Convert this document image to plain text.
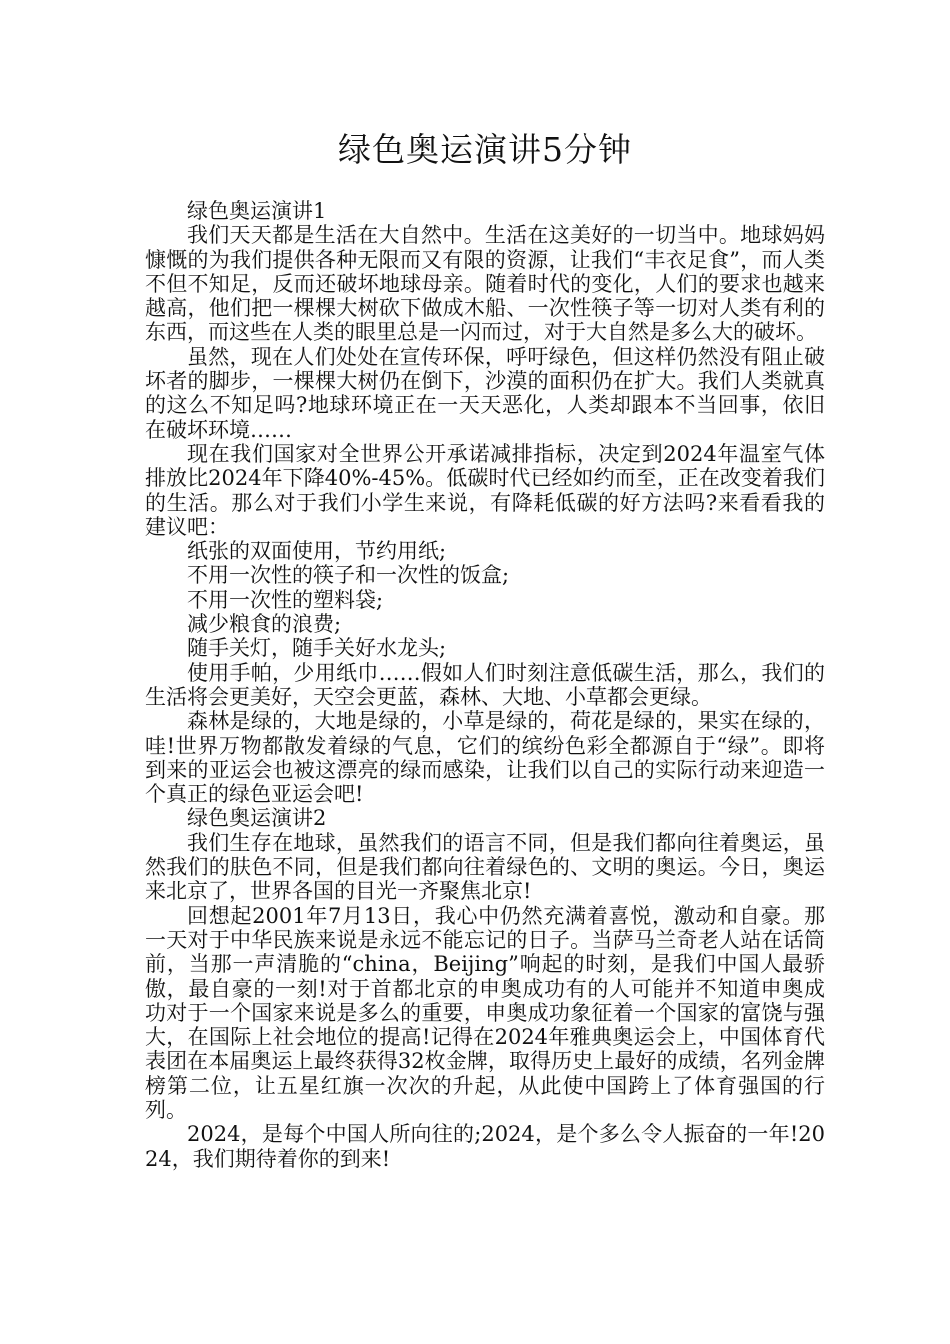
绿色奥运演讲5分钟

绿色奥运演讲1

我们天天都是生活在大自然中。生活在这美好的一切当中。地球妈妈慷慨的为我们提供各种无限而又有限的资源，让我们“丰衣足食”，而人类不但不知足，反而还破坏地球母亲。随着时代的变化，人们的要求也越来越高，他们把一棵棵大树砍下做成木船、一次性筷子等一切对人类有利的东西，而这些在人类的眼里总是一闪而过，对于大自然是多么大的破坏。

虽然，现在人们处处在宣传环保，呼吁绿色，但这样仍然没有阻止破坏者的脚步，一棵棵大树仍在倒下，沙漠的面积仍在扩大。我们人类就真的这么不知足吗?地球环境正在一天天恶化，人类却跟本不当回事，依旧在破坏环境……

现在我们国家对全世界公开承诺减排指标，决定到2024年温室气体排放比2024年下降40%-45%。低碳时代已经如约而至，正在改变着我们的生活。那么对于我们小学生来说，有降耗低碳的好方法吗?来看看我的建议吧：

纸张的双面使用，节约用纸;

不用一次性的筷子和一次性的饭盒;

不用一次性的塑料袋;

减少粮食的浪费;

随手关灯，随手关好水龙头;

使用手帕，少用纸巾……假如人们时刻注意低碳生活，那么，我们的生活将会更美好，天空会更蓝，森林、大地、小草都会更绿。

森林是绿的，大地是绿的，小草是绿的，荷花是绿的，果实在绿的，哇!世界万物都散发着绿的气息，它们的缤纷色彩全都源自于“绿”。即将到来的亚运会也被这漂亮的绿而感染，让我们以自己的实际行动来迎造一个真正的绿色亚运会吧!

绿色奥运演讲2

我们生存在地球，虽然我们的语言不同，但是我们都向往着奥运，虽然我们的肤色不同，但是我们都向往着绿色的、文明的奥运。今日，奥运来北京了，世界各国的目光一齐聚焦北京!

回想起2001年7月13日，我心中仍然充满着喜悦，激动和自豪。那一天对于中华民族来说是永远不能忘记的日子。当萨马兰奇老人站在话筒前，当那一声清脆的“china，Beijing”响起的时刻，是我们中国人最骄傲，最自豪的一刻!对于首都北京的申奥成功有的人可能并不知道申奥成功对于一个国家来说是多么的重要，申奥成功象征着一个国家的富饶与强大，在国际上社会地位的提高!记得在2024年雅典奥运会上，中国体育代表团在本届奥运上最终获得32枚金牌，取得历史上最好的成绩，名列金牌榜第二位，让五星红旗一次次的升起，从此使中国跨上了体育强国的行列。

2024，是每个中国人所向往的;2024，是个多么令人振奋的一年!2024，我们期待着你的到来!
